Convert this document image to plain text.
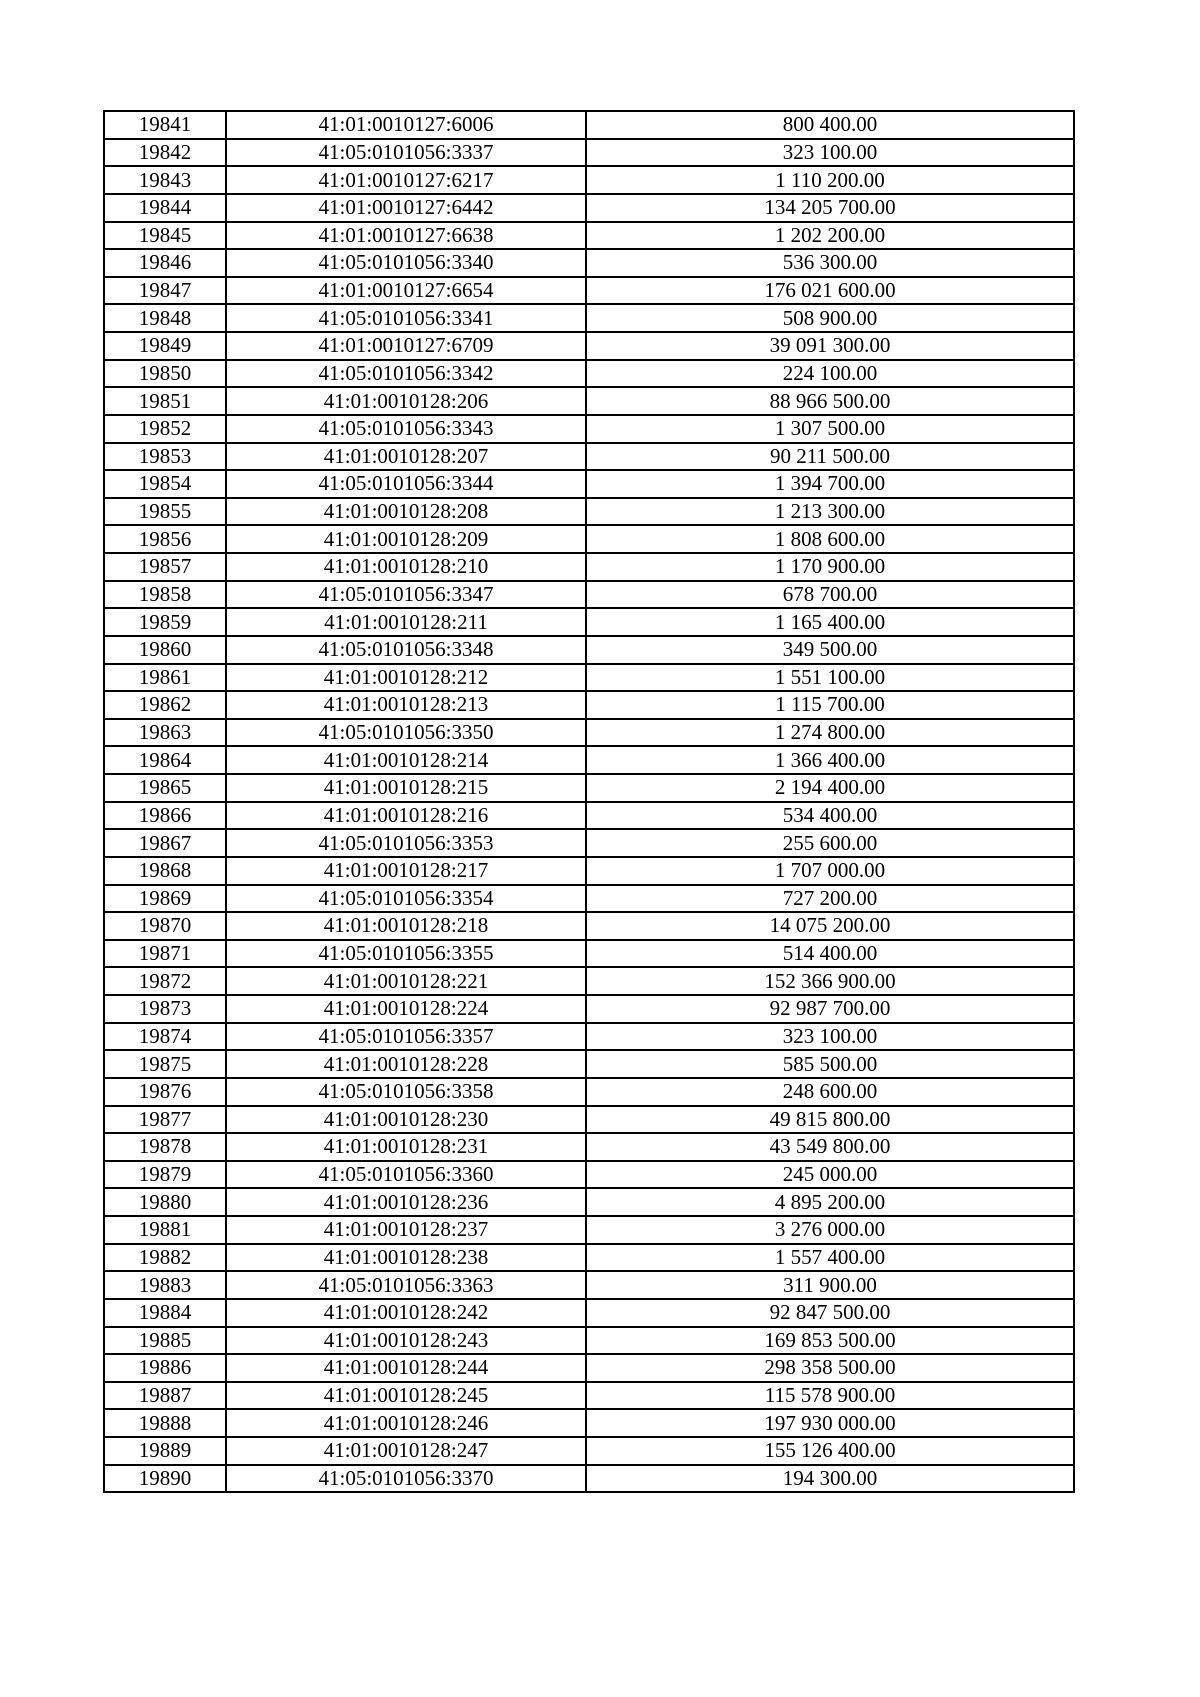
19841	41:01:0010127:6006	800 400.00
19842	41:05:0101056:3337	323 100.00
19843	41:01:0010127:6217	1 110 200.00
19844	41:01:0010127:6442	134 205 700.00
19845	41:01:0010127:6638	1 202 200.00
19846	41:05:0101056:3340	536 300.00
19847	41:01:0010127:6654	176 021 600.00
19848	41:05:0101056:3341	508 900.00
19849	41:01:0010127:6709	39 091 300.00
19850	41:05:0101056:3342	224 100.00
19851	41:01:0010128:206	88 966 500.00
19852	41:05:0101056:3343	1 307 500.00
19853	41:01:0010128:207	90 211 500.00
19854	41:05:0101056:3344	1 394 700.00
19855	41:01:0010128:208	1 213 300.00
19856	41:01:0010128:209	1 808 600.00
19857	41:01:0010128:210	1 170 900.00
19858	41:05:0101056:3347	678 700.00
19859	41:01:0010128:211	1 165 400.00
19860	41:05:0101056:3348	349 500.00
19861	41:01:0010128:212	1 551 100.00
19862	41:01:0010128:213	1 115 700.00
19863	41:05:0101056:3350	1 274 800.00
19864	41:01:0010128:214	1 366 400.00
19865	41:01:0010128:215	2 194 400.00
19866	41:01:0010128:216	534 400.00
19867	41:05:0101056:3353	255 600.00
19868	41:01:0010128:217	1 707 000.00
19869	41:05:0101056:3354	727 200.00
19870	41:01:0010128:218	14 075 200.00
19871	41:05:0101056:3355	514 400.00
19872	41:01:0010128:221	152 366 900.00
19873	41:01:0010128:224	92 987 700.00
19874	41:05:0101056:3357	323 100.00
19875	41:01:0010128:228	585 500.00
19876	41:05:0101056:3358	248 600.00
19877	41:01:0010128:230	49 815 800.00
19878	41:01:0010128:231	43 549 800.00
19879	41:05:0101056:3360	245 000.00
19880	41:01:0010128:236	4 895 200.00
19881	41:01:0010128:237	3 276 000.00
19882	41:01:0010128:238	1 557 400.00
19883	41:05:0101056:3363	311 900.00
19884	41:01:0010128:242	92 847 500.00
19885	41:01:0010128:243	169 853 500.00
19886	41:01:0010128:244	298 358 500.00
19887	41:01:0010128:245	115 578 900.00
19888	41:01:0010128:246	197 930 000.00
19889	41:01:0010128:247	155 126 400.00
19890	41:05:0101056:3370	194 300.00
